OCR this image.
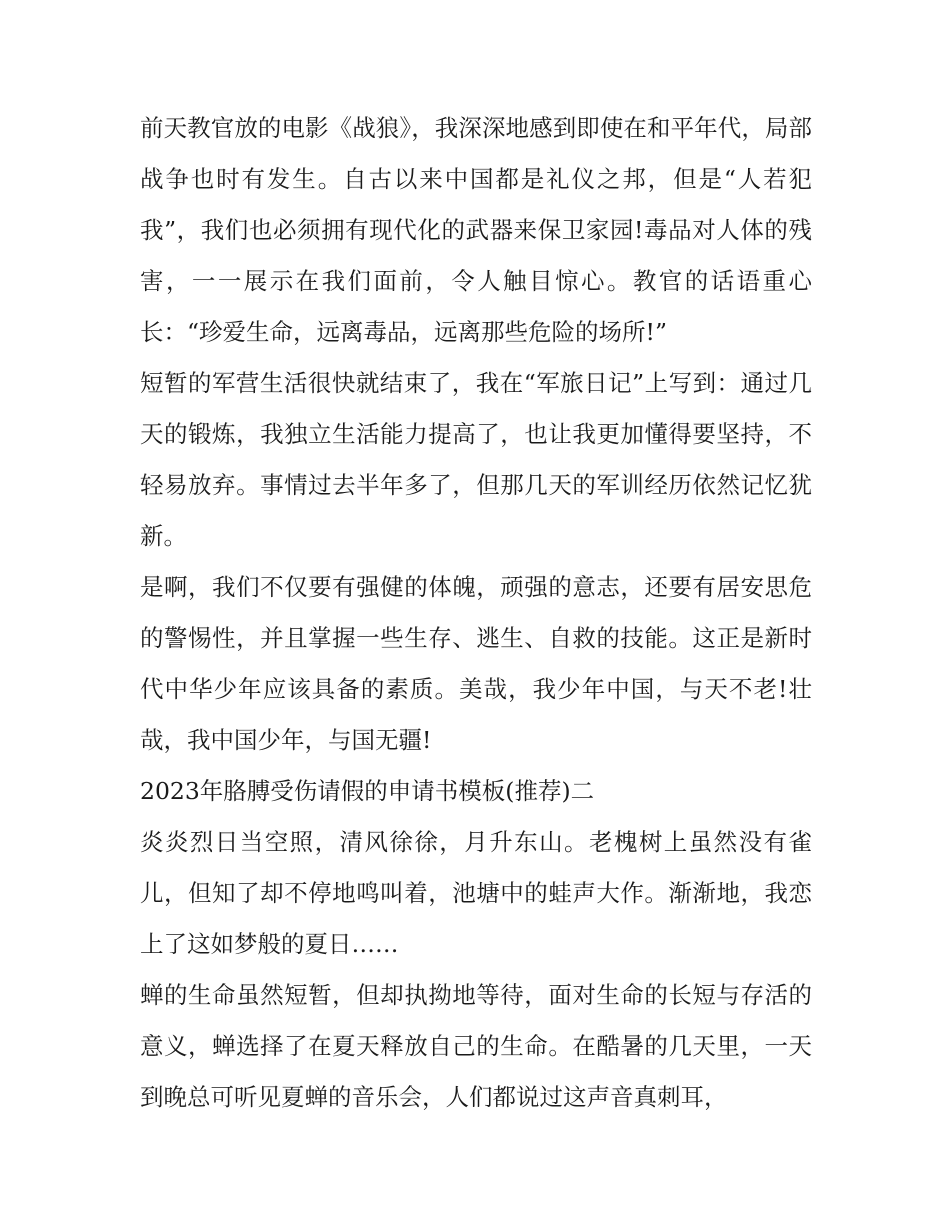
前天教官放的电影《战狼》，我深深地感到即使在和平年代，局部战争也时有发生。自古以来中国都是礼仪之邦，但是“人若犯我”，我们也必须拥有现代化的武器来保卫家园!毒品对人体的残害，一一展示在我们面前，令人触目惊心。教官的话语重心长：“珍爱生命，远离毒品，远离那些危险的场所!”

短暂的军营生活很快就结束了，我在“军旅日记”上写到：通过几天的锻炼，我独立生活能力提高了，也让我更加懂得要坚持，不轻易放弃。事情过去半年多了，但那几天的军训经历依然记忆犹新。

是啊，我们不仅要有强健的体魄，顽强的意志，还要有居安思危的警惕性，并且掌握一些生存、逃生、自救的技能。这正是新时代中华少年应该具备的素质。美哉，我少年中国，与天不老!壮哉，我中国少年，与国无疆!

2023年胳膊受伤请假的申请书模板(推荐)二

炎炎烈日当空照，清风徐徐，月升东山。老槐树上虽然没有雀儿，但知了却不停地鸣叫着，池塘中的蛙声大作。渐渐地，我恋上了这如梦般的夏日……

蝉的生命虽然短暂，但却执拗地等待，面对生命的长短与存活的意义，蝉选择了在夏天释放自己的生命。在酷暑的几天里，一天到晚总可听见夏蝉的音乐会，人们都说过这声音真刺耳，
